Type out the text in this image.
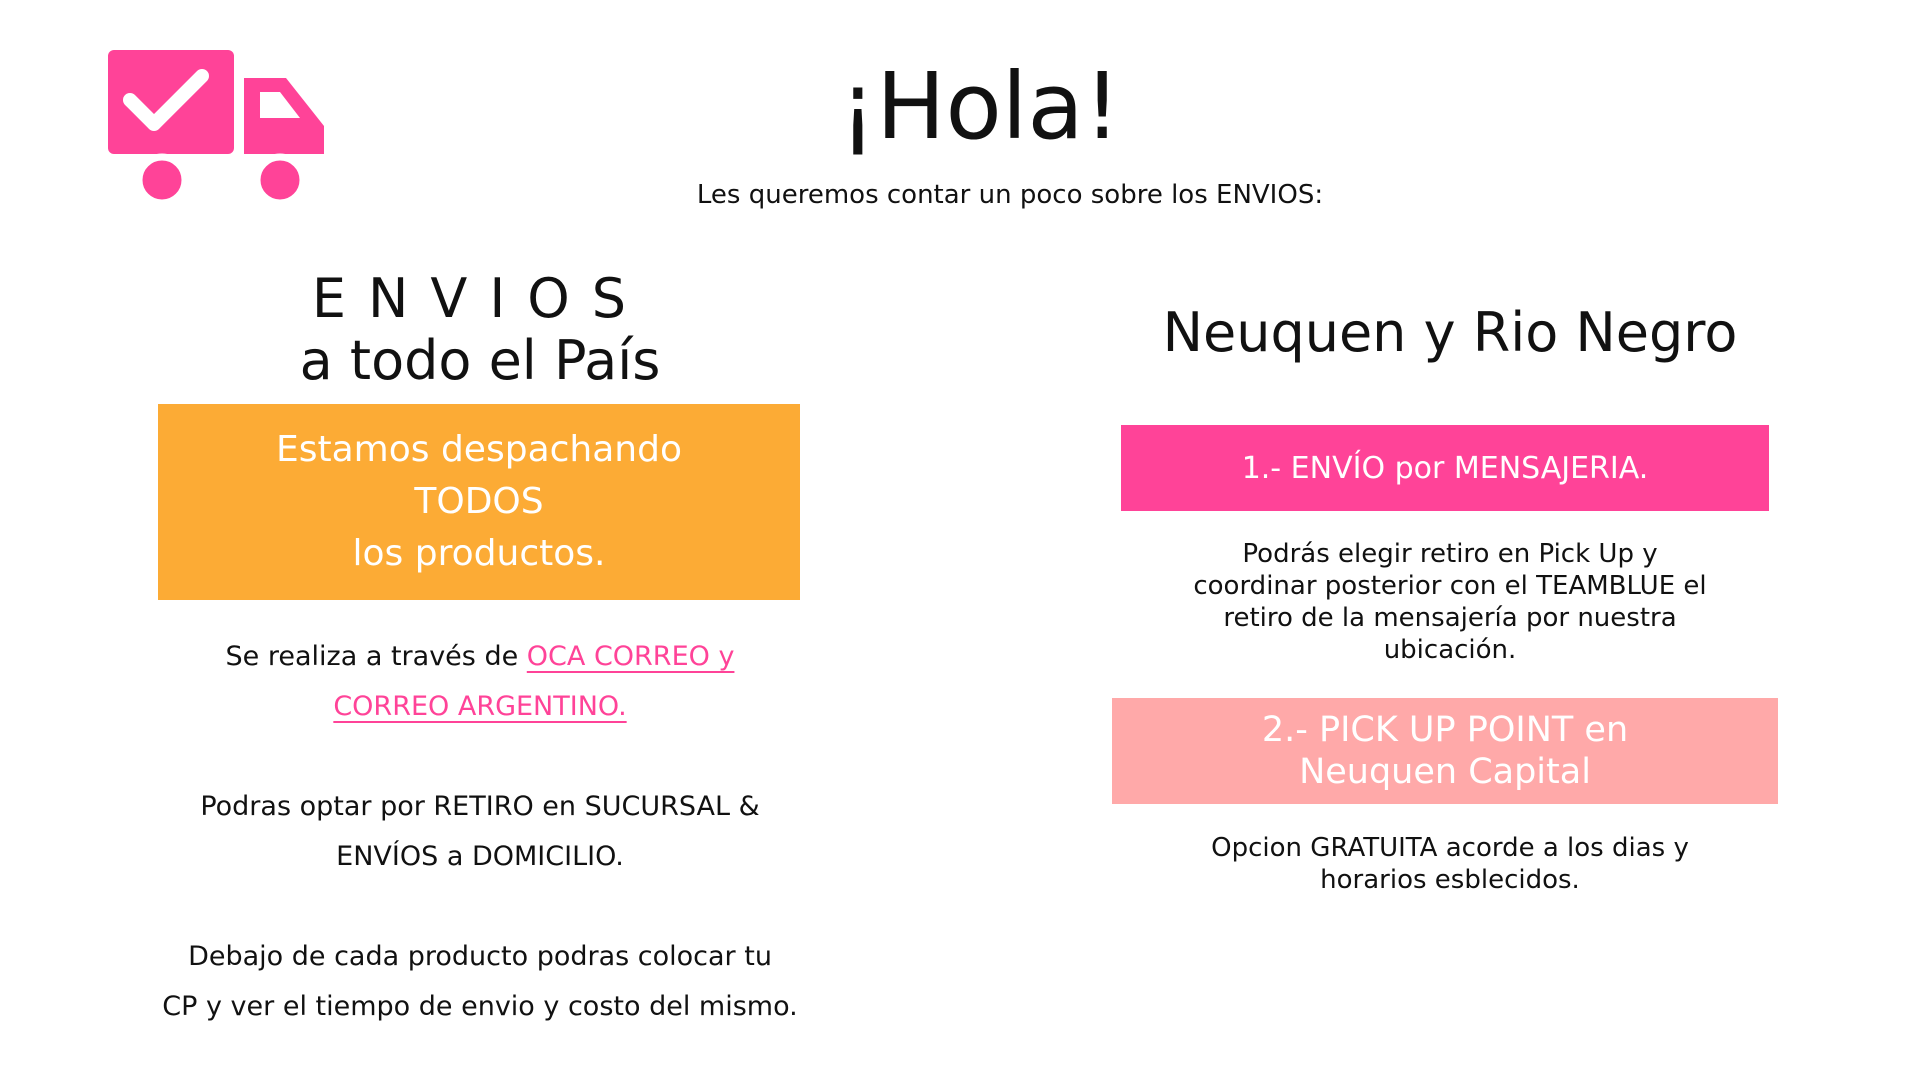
¡Hola!
Les queremos contar un poco sobre los ENVIOS:
ENVIOS
a todo el País
Estamos despachando
TODOS
los productos.
Se realiza a través de OCA CORREO y
CORREO ARGENTINO.
Podras optar por RETIRO en SUCURSAL &
ENVÍOS a DOMICILIO.
Debajo de cada producto podras colocar tu
CP y ver el tiempo de envio y costo del mismo.
Neuquen y Rio Negro
1.- ENVÍO por MENSAJERIA.
Podrás elegir retiro en Pick Up y
coordinar posterior con el TEAMBLUE el
retiro de la mensajería por nuestra
ubicación.
2.- PICK UP POINT en
Neuquen Capital
Opcion GRATUITA acorde a los dias y
horarios esblecidos.
